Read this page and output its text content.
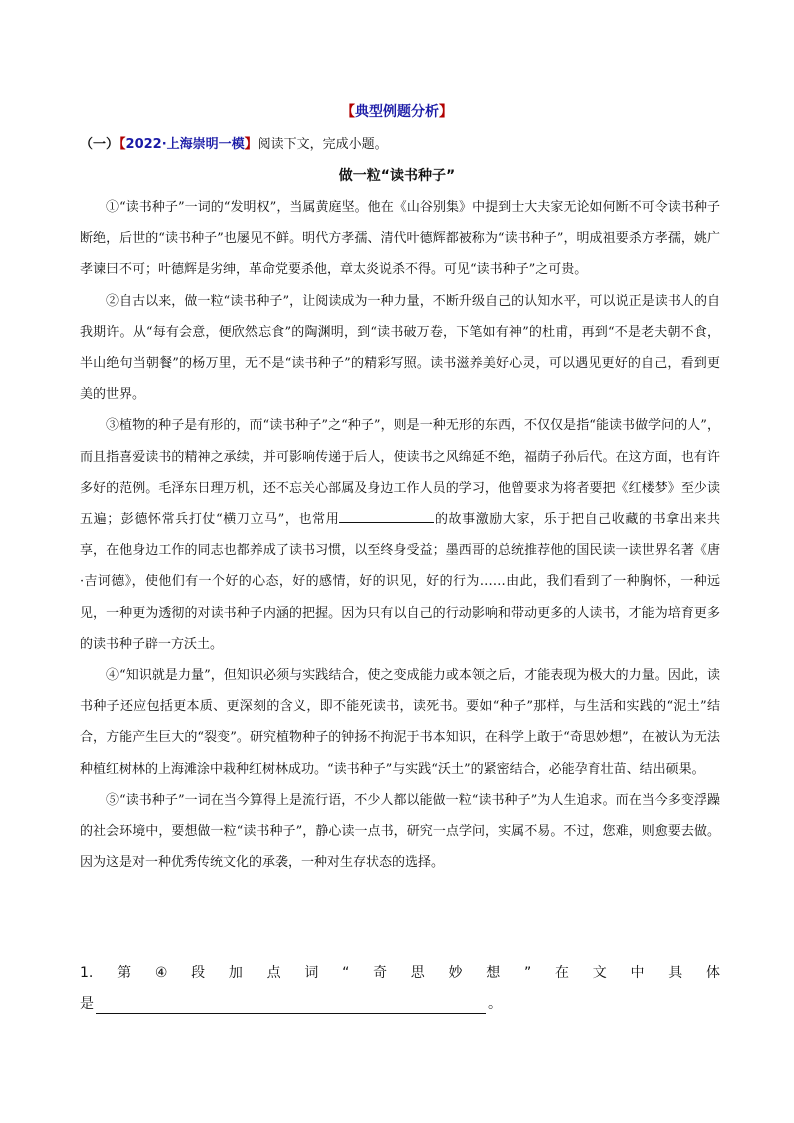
【典型例题分析】
（一）【2022·上海崇明一模】阅读下文，完成小题。
做一粒“读书种子”

①“读书种子”一词的“发明权”，当属黄庭坚。他在《山谷别集》中提到士大夫家无论如何断不可令读书种子断绝，后世的“读书种子”也屡见不鲜。明代方孝孺、清代叶德辉都被称为“读书种子”，明成祖要杀方孝孺，姚广孝谏曰不可；叶德辉是劣绅，革命党要杀他，章太炎说杀不得。可见“读书种子”之可贵。

②自古以来，做一粒“读书种子”，让阅读成为一种力量，不断升级自己的认知水平，可以说正是读书人的自我期许。从“每有会意，便欣然忘食”的陶渊明，到“读书破万卷，下笔如有神”的杜甫，再到“不是老夫朝不食，半山绝句当朝餐”的杨万里，无不是“读书种子”的精彩写照。读书滋养美好心灵，可以遇见更好的自己，看到更美的世界。

③植物的种子是有形的，而“读书种子”之“种子”，则是一种无形的东西，不仅仅是指“能读书做学问的人”，而且指喜爱读书的精神之承续，并可影响传递于后人，使读书之风绵延不绝，福荫子孙后代。在这方面，也有许多好的范例。毛泽东日理万机，还不忘关心部属及身边工作人员的学习，他曾要求为将者要把《红楼梦》至少读五遍；彭德怀常兵打仗“横刀立马”，也常用	的故事激励大家，乐于把自己收藏的书拿出来共享，在他身边工作的同志也都养成了读书习惯，以至终身受益；墨西哥的总统推荐他的国民读一读世界名著《唐·吉诃德》，使他们有一个好的心态，好的感情，好的识见，好的行为……由此，我们看到了一种胸怀，一种远见，一种更为透彻的对读书种子内涵的把握。因为只有以自己的行动影响和带动更多的人读书，才能为培育更多的读书种子辟一方沃土。

④“知识就是力量”，但知识必须与实践结合，使之变成能力或本领之后，才能表现为极大的力量。因此，读书种子还应包括更本质、更深刻的含义，即不能死读书，读死书。要如“种子”那样，与生活和实践的“泥土”结合，方能产生巨大的“裂变”。研究植物种子的钟扬不拘泥于书本知识，在科学上敢于“奇思妙想”，在被认为无法种植红树林的上海滩涂中栽种红树林成功。“读书种子”与实践“沃土”的紧密结合，必能孕育壮苗、结出硕果。

⑤“读书种子”一词在当今算得上是流行语，不少人都以能做一粒“读书种子”为人生追求。而在当今多变浮躁的社会环境中，要想做一粒“读书种子”，静心读一点书，研究一点学问，实属不易。不过，您难，则愈要去做。因为这是对一种优秀传统文化的承袭，一种对生存状态的选择。

1. 第 ④ 段 加 点 词 “ 奇 思 妙 想 ” 在 文 中 具 体
是	。
